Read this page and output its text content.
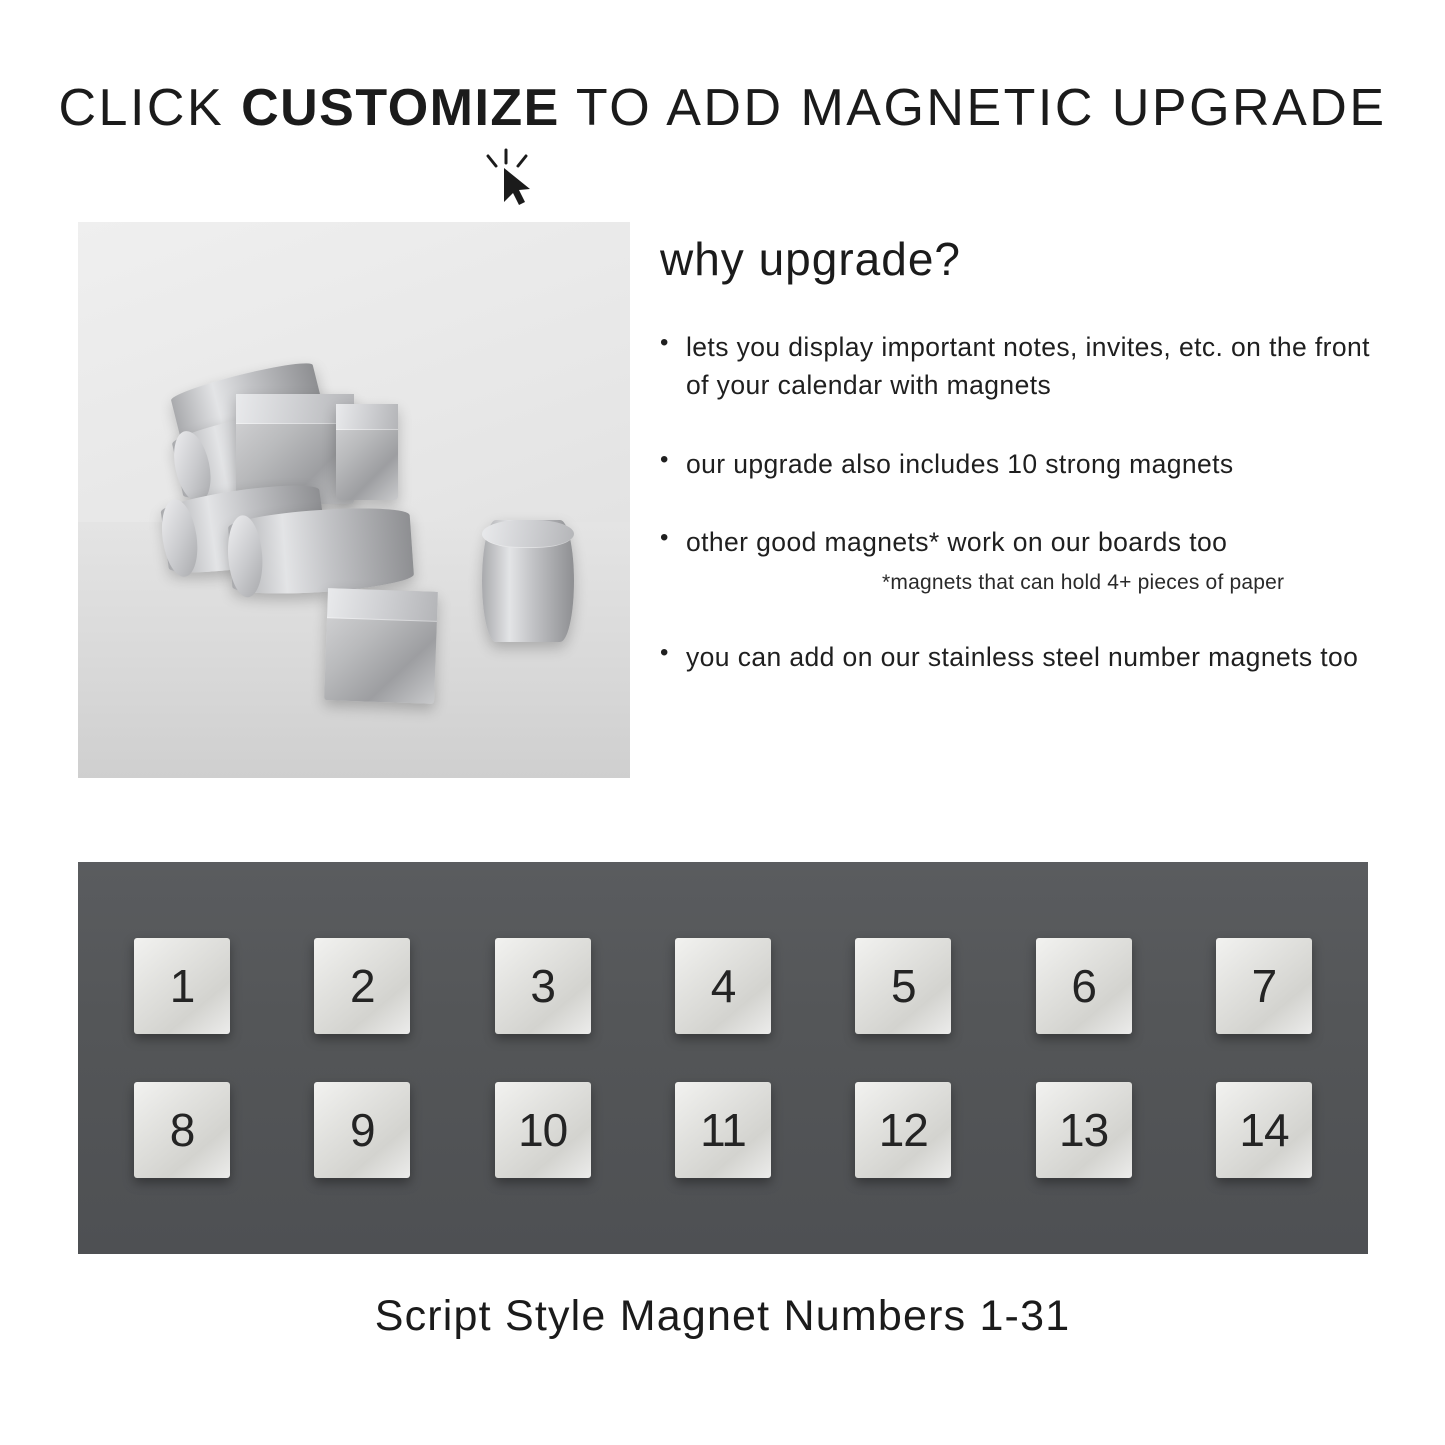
CLICK CUSTOMIZE TO ADD MAGNETIC UPGRADE
why upgrade?
• lets you display important notes, invites, etc. on the front of your calendar with magnets
• our upgrade also includes 10 strong magnets
• other good magnets* work on our boards too
*magnets that can hold 4+ pieces of paper
• you can add on our stainless steel number magnets too
1	2	3	4	5	6	7
8	9	10	11	12	13	14
Script Style Magnet Numbers 1-31
